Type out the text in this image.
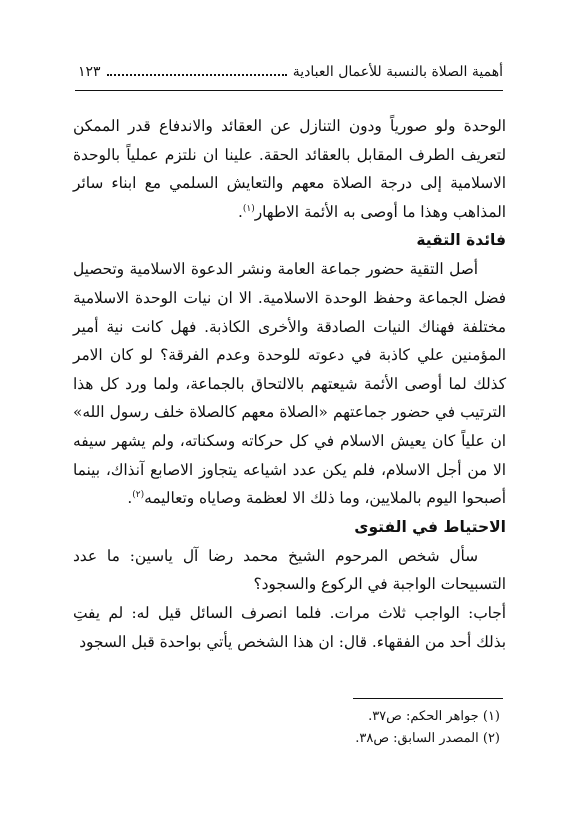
أهمية الصلاة بالنسبة للأعمال العبادية
١٢٣

الوحدة ولو صورياً ودون التنازل عن العقائد والاندفاع قدر الممكن لتعريف الطرف المقابل بالعقائد الحقة. علينا ان نلتزم عملياً بالوحدة الاسلامية إلى درجة الصلاة معهم والتعايش السلمي مع ابناء سائر المذاهب وهذا ما أوصى به الأئمة الاطهار$^{(١)}$.

فائدة التقية

أصل التقية حضور جماعة العامة ونشر الدعوة الاسلامية وتحصيل فضل الجماعة وحفظ الوحدة الاسلامية. الا ان نيات الوحدة الاسلامية مختلفة فهناك النيات الصادقة والأخرى الكاذبة. فهل كانت نية أمير المؤمنين علي كاذبة في دعوته للوحدة وعدم الفرقة؟ لو كان الامر كذلك لما أوصى الأئمة شيعتهم بالالتحاق بالجماعة، ولما ورد كل هذا الترتيب في حضور جماعتهم «الصلاة معهم كالصلاة خلف رسول الله» ان علياً كان يعيش الاسلام في كل حركاته وسكناته، ولم يشهر سيفه الا من أجل الاسلام، فلم يكن عدد اشياعه يتجاوز الاصابع آنذاك، بينما أصبحوا اليوم بالملايين، وما ذلك الا لعظمة وصاياه وتعاليمه$^{(٢)}$.

الاحتياط في الفتوى

سأل شخص المرحوم الشيخ محمد رضا آل ياسين: ما عدد التسبيحات الواجبة في الركوع والسجود؟

أجاب: الواجب ثلاث مرات. فلما انصرف السائل قيل له: لم يفتِ بذلك أحد من الفقهاء. قال: ان هذا الشخص يأتي بواحدة قبل السجود

(١) جواهر الحكم: ص٣٧.
(٢) المصدر السابق: ص٣٨.
